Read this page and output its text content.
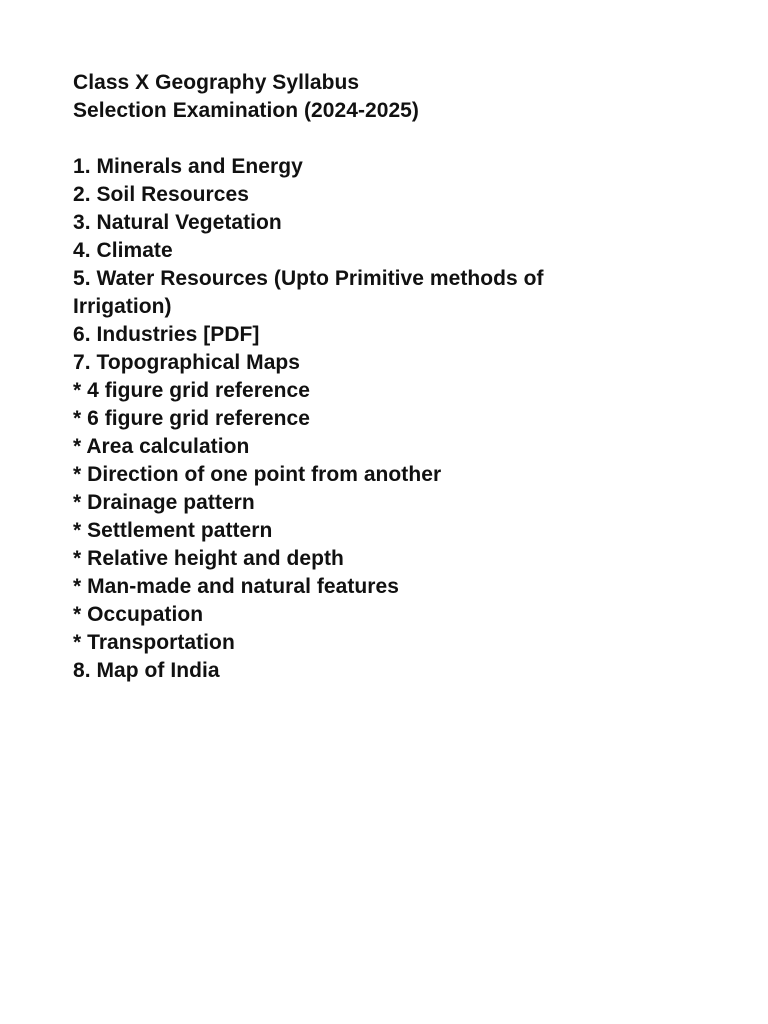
Class X Geography Syllabus
Selection Examination (2024-2025)
1. Minerals and Energy
2. Soil Resources
3. Natural Vegetation
4. Climate
5. Water Resources (Upto Primitive methods of
Irrigation)
6. Industries [PDF]
7. Topographical Maps
* 4 figure grid reference
* 6 figure grid reference
* Area calculation
* Direction of one point from another
* Drainage pattern
* Settlement pattern
* Relative height and depth
* Man-made and natural features
* Occupation
* Transportation
8. Map of India
